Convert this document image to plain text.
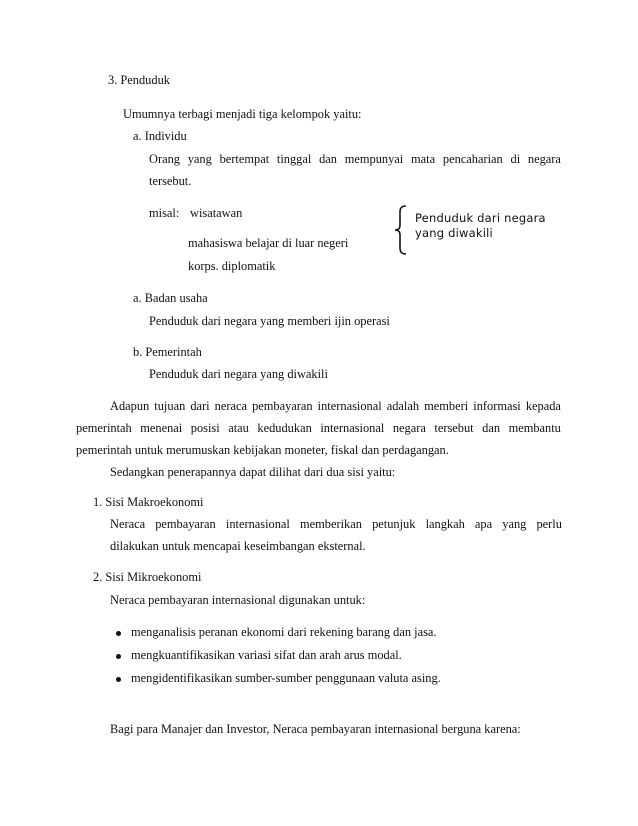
3. Penduduk
Umumnya terbagi menjadi tiga kelompok yaitu:
a. Individu
Orang yang bertempat tinggal dan mempunyai mata pencaharian di negara
tersebut.
misal: wisatawan
mahasiswa belajar di luar negeri
korps. diplomatik
Penduduk dari negara
yang diwakili
a. Badan usaha
Penduduk dari negara yang memberi ijin operasi
b. Pemerintah
Penduduk dari negara yang diwakili
Adapun tujuan dari neraca pembayaran internasional adalah memberi informasi kepada
pemerintah menenai posisi atau kedudukan internasional negara tersebut dan membantu
pemerintah untuk merumuskan kebijakan moneter, fiskal dan perdagangan.
Sedangkan penerapannya dapat dilihat dari dua sisi yaitu:
1. Sisi Makroekonomi
Neraca pembayaran internasional memberikan petunjuk langkah apa yang perlu
dilakukan untuk mencapai keseimbangan eksternal.
2. Sisi Mikroekonomi
Neraca pembayaran internasional digunakan untuk:
menganalisis peranan ekonomi dari rekening barang dan jasa.
mengkuantifikasikan variasi sifat dan arah arus modal.
mengidentifikasikan sumber-sumber penggunaan valuta asing.
Bagi para Manajer dan Investor, Neraca pembayaran internasional berguna karena:
